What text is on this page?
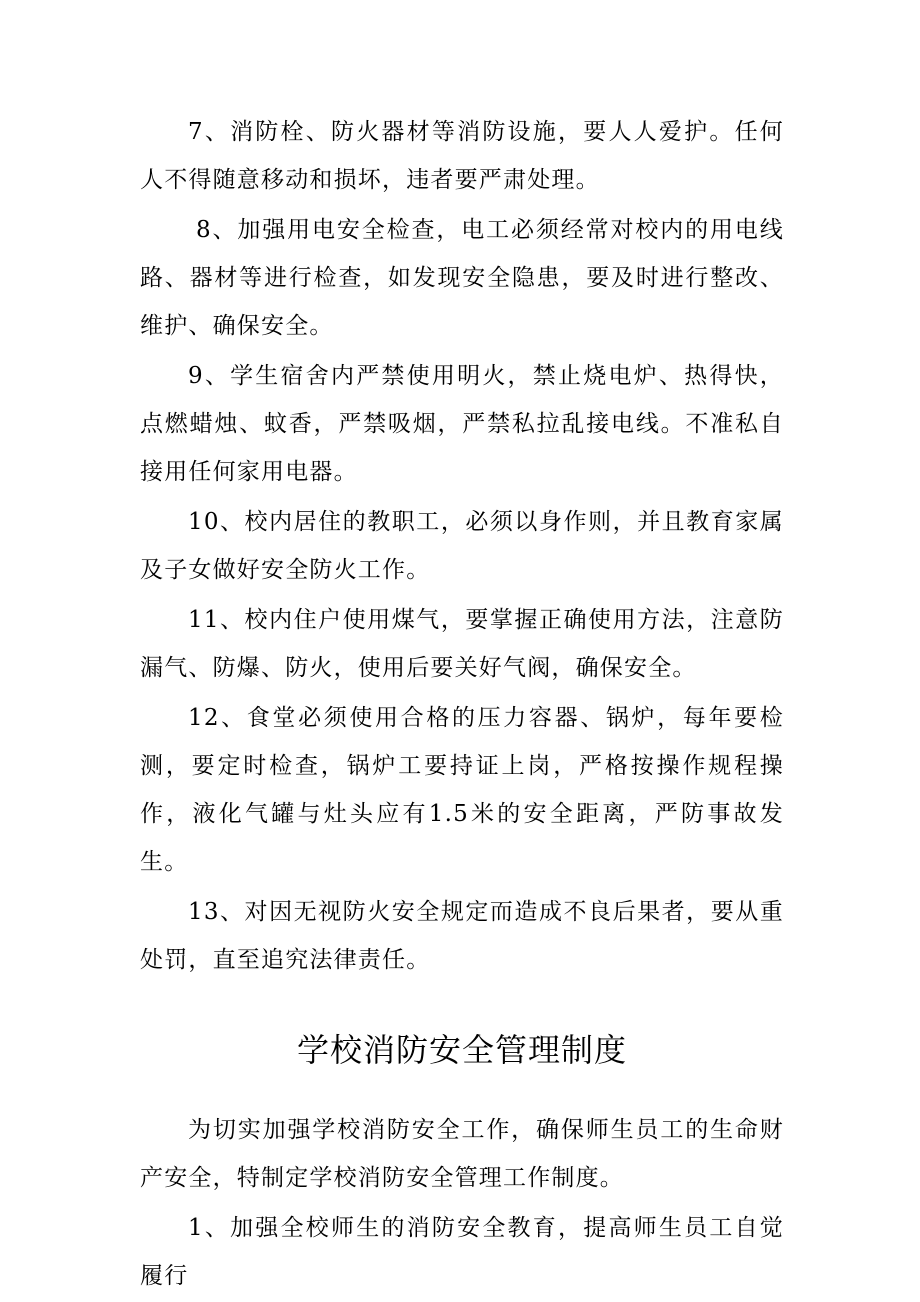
7、消防栓、防火器材等消防设施，要人人爱护。任何人不得随意移动和损坏，违者要严肃处理。

8、加强用电安全检查，电工必须经常对校内的用电线路、器材等进行检查，如发现安全隐患，要及时进行整改、维护、确保安全。

9、学生宿舍内严禁使用明火，禁止烧电炉、热得快，点燃蜡烛、蚊香，严禁吸烟，严禁私拉乱接电线。不准私自接用任何家用电器。

10、校内居住的教职工，必须以身作则，并且教育家属及子女做好安全防火工作。

11、校内住户使用煤气，要掌握正确使用方法，注意防漏气、防爆、防火，使用后要关好气阀，确保安全。

12、食堂必须使用合格的压力容器、锅炉，每年要检测，要定时检查，锅炉工要持证上岗，严格按操作规程操作，液化气罐与灶头应有1.5米的安全距离，严防事故发生。

13、对因无视防火安全规定而造成不良后果者，要从重处罚，直至追究法律责任。

学校消防安全管理制度

为切实加强学校消防安全工作，确保师生员工的生命财产安全，特制定学校消防安全管理工作制度。

1、加强全校师生的消防安全教育，提高师生员工自觉履行
